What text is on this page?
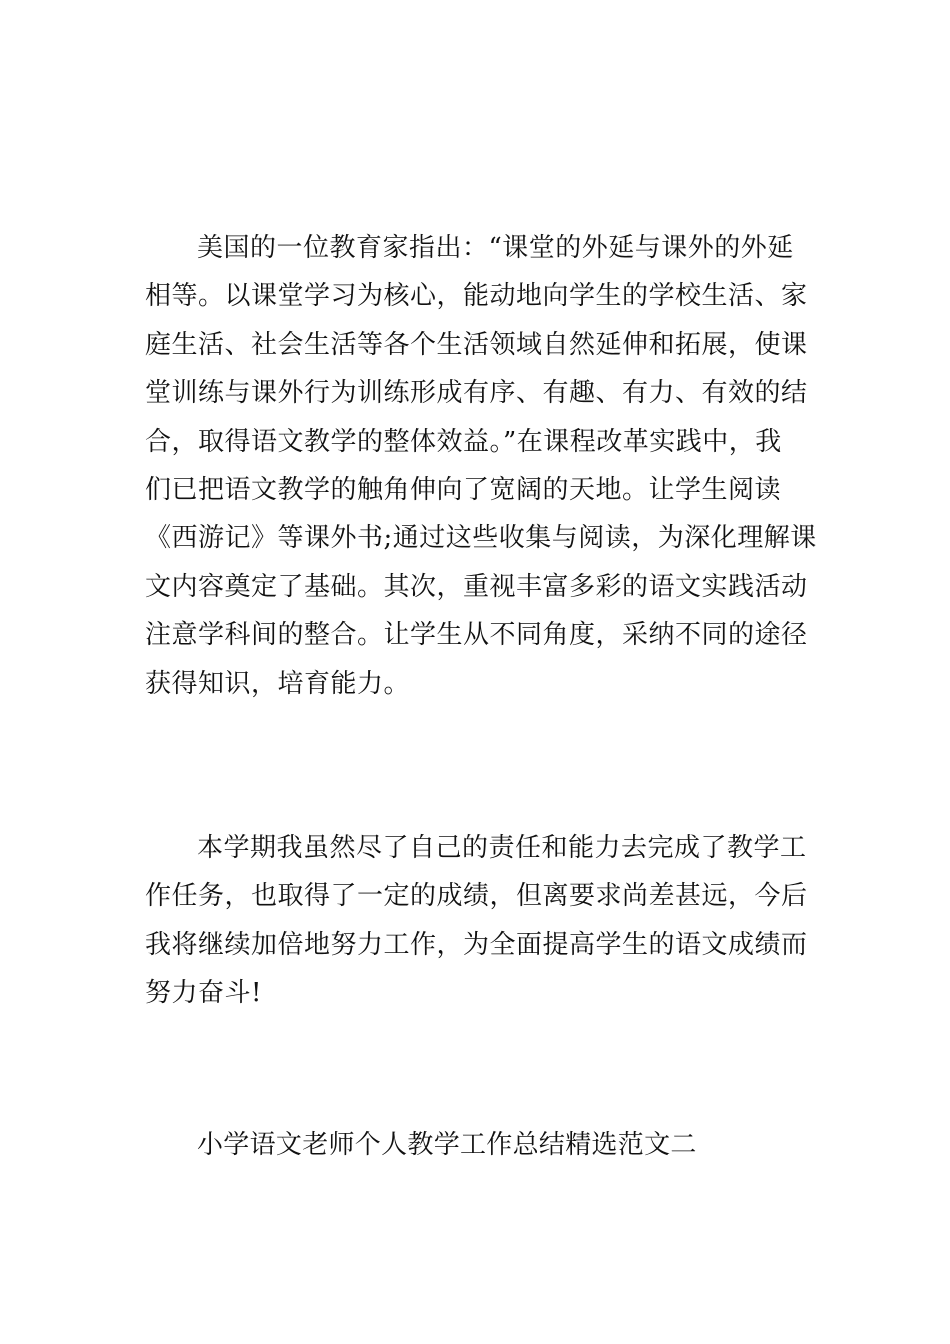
美国的一位教育家指出：“课堂的外延与课外的外延
相等。以课堂学习为核心，能动地向学生的学校生活、家
庭生活、社会生活等各个生活领域自然延伸和拓展，使课
堂训练与课外行为训练形成有序、有趣、有力、有效的结
合，取得语文教学的整体效益。”在课程改革实践中，我
们已把语文教学的触角伸向了宽阔的天地。让学生阅读
《西游记》等课外书;通过这些收集与阅读，为深化理解课
文内容奠定了基础。其次，重视丰富多彩的语文实践活动
注意学科间的整合。让学生从不同角度，采纳不同的途径
获得知识，培育能力。
本学期我虽然尽了自己的责任和能力去完成了教学工
作任务，也取得了一定的成绩，但离要求尚差甚远，今后
我将继续加倍地努力工作，为全面提高学生的语文成绩而
努力奋斗!
小学语文老师个人教学工作总结精选范文二
